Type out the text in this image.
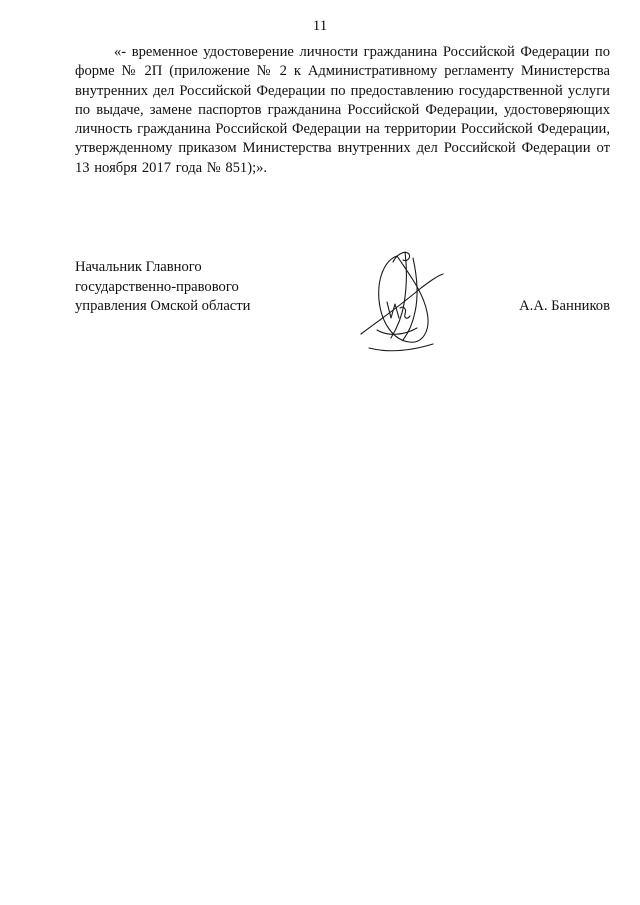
11

«- временное удостоверение личности гражданина Российской Федерации по форме № 2П (приложение № 2 к Административному регламенту Министерства внутренних дел Российской Федерации по предоставлению государственной услуги по выдаче, замене паспортов гражданина Российской Федерации, удостоверяющих личность гражданина Российской Федерации на территории Российской Федерации, утвержденному приказом Министерства внутренних дел Российской Федерации от 13 ноября 2017 года № 851);».

Начальник Главного
государственно-правового
управления Омской области	А.А. Банников
